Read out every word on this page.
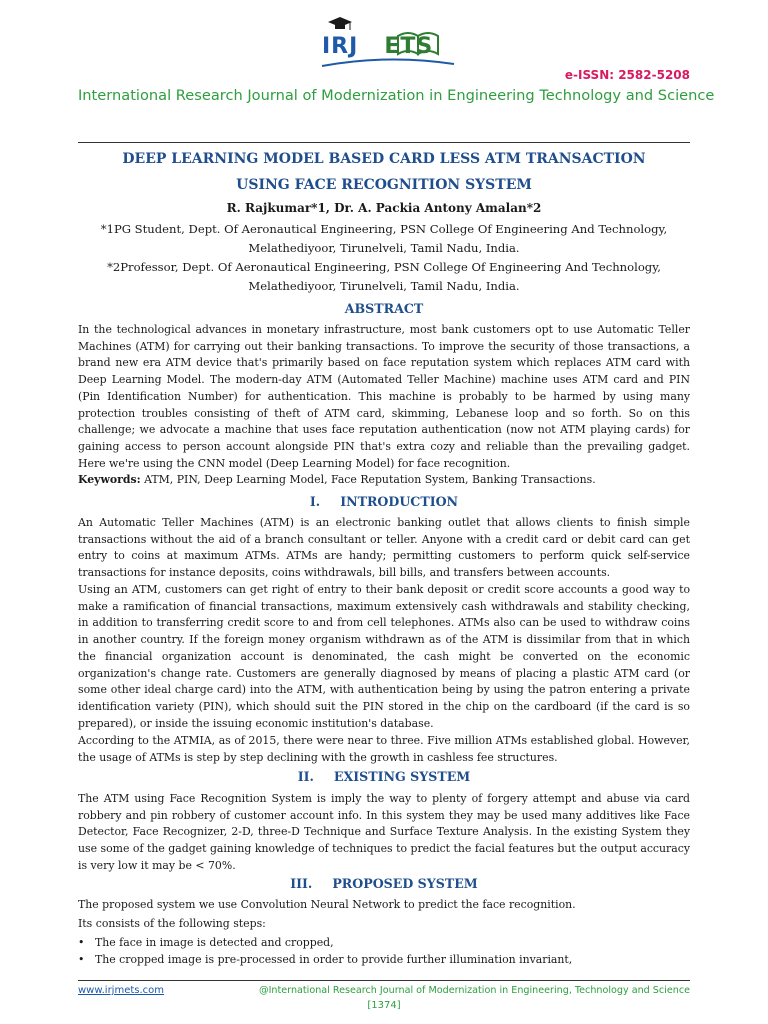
IRJ ETS
e-ISSN: 2582-5208
International Research Journal of Modernization in Engineering Technology and Science
DEEP LEARNING MODEL BASED CARD LESS ATM TRANSACTION
USING FACE RECOGNITION SYSTEM
R. Rajkumar*1, Dr. A. Packia Antony Amalan*2
*1PG Student, Dept. Of Aeronautical Engineering, PSN College Of Engineering And Technology,
Melathediyoor, Tirunelveli, Tamil Nadu, India.
*2Professor, Dept. Of Aeronautical Engineering, PSN College Of Engineering And Technology,
Melathediyoor, Tirunelveli, Tamil Nadu, India.
ABSTRACT

In the technological advances in monetary infrastructure, most bank customers opt to use Automatic Teller Machines (ATM) for carrying out their banking transactions. To improve the security of those transactions, a brand new era ATM device that's primarily based on face reputation system which replaces ATM card with Deep Learning Model. The modern-day ATM (Automated Teller Machine) machine uses ATM card and PIN (Pin Identification Number) for authentication. This machine is probably to be harmed by using many protection troubles consisting of theft of ATM card, skimming, Lebanese loop and so forth. So on this challenge; we advocate a machine that uses face reputation authentication (now not ATM playing cards) for gaining access to person account alongside PIN that's extra cozy and reliable than the prevailing gadget. Here we're using the CNN model (Deep Learning Model) for face recognition.

Keywords: ATM, PIN, Deep Learning Model, Face Reputation System, Banking Transactions.

I. INTRODUCTION

An Automatic Teller Machines (ATM) is an electronic banking outlet that allows clients to finish simple transactions without the aid of a branch consultant or teller. Anyone with a credit card or debit card can get entry to coins at maximum ATMs. ATMs are handy; permitting customers to perform quick self-service transactions for instance deposits, coins withdrawals, bill bills, and transfers between accounts.

Using an ATM, customers can get right of entry to their bank deposit or credit score accounts a good way to make a ramification of financial transactions, maximum extensively cash withdrawals and stability checking, in addition to transferring credit score to and from cell telephones. ATMs also can be used to withdraw coins in another country. If the foreign money organism withdrawn as of the ATM is dissimilar from that in which the financial organization account is denominated, the cash might be converted on the economic organization's change rate. Customers are generally diagnosed by means of placing a plastic ATM card (or some other ideal charge card) into the ATM, with authentication being by using the patron entering a private identification variety (PIN), which should suit the PIN stored in the chip on the cardboard (if the card is so prepared), or inside the issuing economic institution's database.

According to the ATMIA, as of 2015, there were near to three. Five million ATMs established global. However, the usage of ATMs is step by step declining with the growth in cashless fee structures.

II. EXISTING SYSTEM

The ATM using Face Recognition System is imply the way to plenty of forgery attempt and abuse via card robbery and pin robbery of customer account info. In this system they may be used many additives like Face Detector, Face Recognizer, 2-D, three-D Technique and Surface Texture Analysis. In the existing System they use some of the gadget gaining knowledge of techniques to predict the facial features but the output accuracy is very low it may be < 70%.

III. PROPOSED SYSTEM

The proposed system we use Convolution Neural Network to predict the face recognition.

Its consists of the following steps:

• The face in image is detected and cropped,
• The cropped image is pre-processed in order to provide further illumination invariant,
www.irjmets.com	@International Research Journal of Modernization in Engineering, Technology and Science
[1374]
